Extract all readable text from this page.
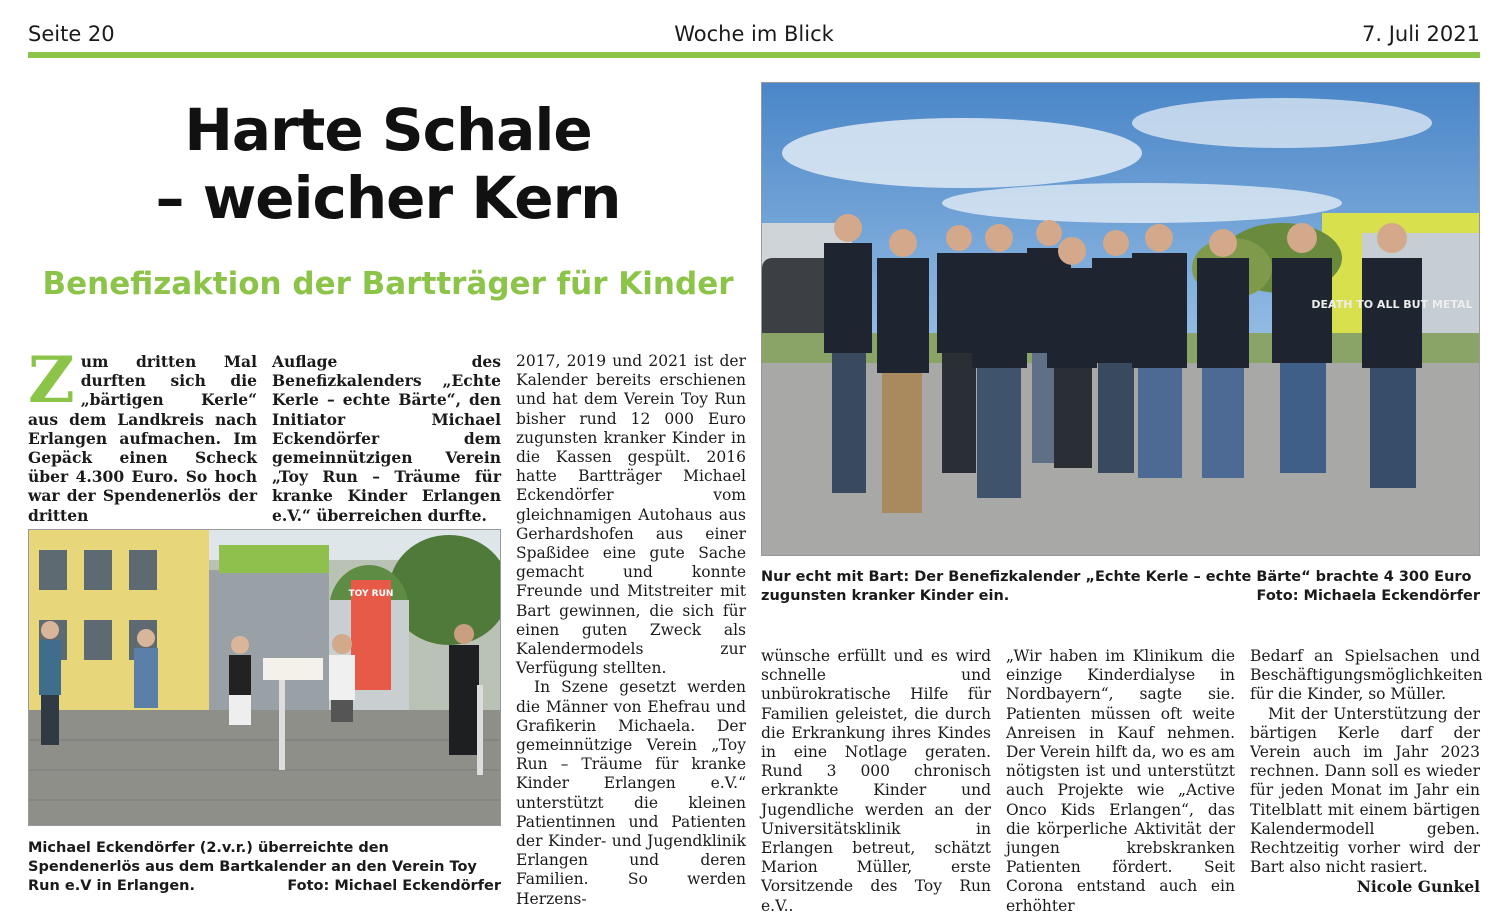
Seite 20	Woche im Blick	7. Juli 2021
Harte Schale
– weicher Kern
Benefizaktion der Bartträger für Kinder

Zum dritten Mal durften sich die „bärtigen Kerle“ aus dem Landkreis nach Erlangen aufmachen. Im Gepäck einen Scheck über 4.300 Euro. So hoch war der Spendenerlös der dritten

Auflage des Benefizkalenders „Echte Kerle – echte Bärte“, den Initiator Michael Eckendörfer dem gemeinnützigen Verein „Toy Run – Träume für kranke Kinder Erlangen e.V.“ überreichen durfte.

TOY RUN
Michael Eckendörfer (2.v.r.) überreichte den Spendenerlös aus dem Bartkalender an den Verein Toy Run e.V in Erlangen.	Foto: Michael Eckendörfer

2017, 2019 und 2021 ist der Kalender bereits erschienen und hat dem Verein Toy Run bisher rund 12 000 Euro zugunsten kranker Kinder in die Kassen gespült. 2016 hatte Bartträger Michael Eckendörfer vom gleichnamigen Autohaus aus Gerhardshofen aus einer Spaßidee eine gute Sache gemacht und konnte Freunde und Mitstreiter mit Bart gewinnen, die sich für einen guten Zweck als Kalendermodels zur Verfügung stellten.

In Szene gesetzt werden die Männer von Ehefrau und Grafikerin Michaela. Der gemeinnützige Verein „Toy Run – Träume für kranke Kinder Erlangen e.V.“ unterstützt die kleinen Patientinnen und Patienten der Kinder- und Jugendklinik Erlangen und deren Familien. So werden Herzens-

DEATH TO ALL BUT METAL
Nur echt mit Bart: Der Benefizkalender „Echte Kerle – echte Bärte“ brachte 4 300 Euro zugunsten kranker Kinder ein.	Foto: Michaela Eckendörfer

wünsche erfüllt und es wird schnelle und unbürokratische Hilfe für Familien geleistet, die durch die Erkrankung ihres Kindes in eine Notlage geraten. Rund 3 000 chronisch erkrankte Kinder und Jugendliche werden an der Universitätsklinik in Erlangen betreut, schätzt Marion Müller, erste Vorsitzende des Toy Run e.V..

„Wir haben im Klinikum die einzige Kinderdialyse in Nordbayern“, sagte sie. Patienten müssen oft weite Anreisen in Kauf nehmen. Der Verein hilft da, wo es am nötigsten ist und unterstützt auch Projekte wie „Active Onco Kids Erlangen“, das die körperliche Aktivität der jungen krebskranken Patienten fördert. Seit Corona entstand auch ein erhöhter

Bedarf an Spielsachen und Beschäftigungsmöglichkeiten für die Kinder, so Müller.

Mit der Unterstützung der bärtigen Kerle darf der Verein auch im Jahr 2023 rechnen. Dann soll es wieder für jeden Monat im Jahr ein Titelblatt mit einem bärtigen Kalendermodell geben. Rechtzeitig vorher wird der Bart also nicht rasiert.

Nicole Gunkel
